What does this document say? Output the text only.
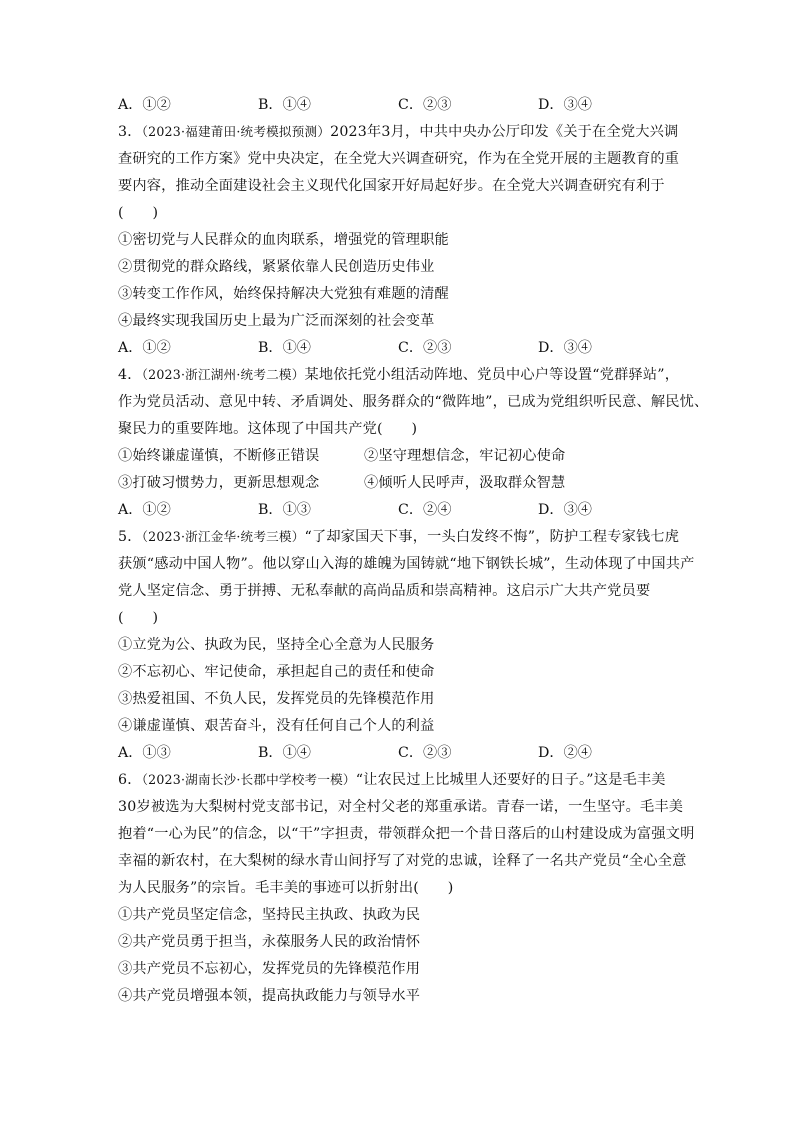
A．①②	B．①④	C．②③	D．③④
3．（2023·福建莆田·统考模拟预测）2023年3月，中共中央办公厅印发《关于在全党大兴调
查研究的工作方案》党中央决定，在全党大兴调查研究，作为在全党开展的主题教育的重
要内容，推动全面建设社会主义现代化国家开好局起好步。在全党大兴调查研究有利于
(　　)
①密切党与人民群众的血肉联系，增强党的管理职能
②贯彻党的群众路线，紧紧依靠人民创造历史伟业
③转变工作作风，始终保持解决大党独有难题的清醒
④最终实现我国历史上最为广泛而深刻的社会变革
A．①②	B．①④	C．②③	D．③④
4．（2023·浙江湖州·统考二模）某地依托党小组活动阵地、党员中心户等设置“党群驿站”，
作为党员活动、意见中转、矛盾调处、服务群众的“微阵地”，已成为党组织听民意、解民忧、
聚民力的重要阵地。这体现了中国共产党(　　)
①始终谦虚谨慎，不断修正错误	②坚守理想信念，牢记初心使命
③打破习惯势力，更新思想观念	④倾听人民呼声，汲取群众智慧
A．①②	B．①③	C．②④	D．③④
5．（2023·浙江金华·统考三模）“了却家国天下事，一头白发终不悔”，防护工程专家钱七虎
获颁“感动中国人物”。他以穿山入海的雄魄为国铸就“地下钢铁长城”，生动体现了中国共产
党人坚定信念、勇于拼搏、无私奉献的高尚品质和崇高精神。这启示广大共产党员要
(　　)
①立党为公、执政为民，坚持全心全意为人民服务
②不忘初心、牢记使命，承担起自己的责任和使命
③热爱祖国、不负人民，发挥党员的先锋模范作用
④谦虚谨慎、艰苦奋斗，没有任何自己个人的利益
A．①③	B．①④	C．②③	D．②④
6．（2023·湖南长沙·长郡中学校考一模）“让农民过上比城里人还要好的日子。”这是毛丰美
30岁被选为大梨树村党支部书记，对全村父老的郑重承诺。青春一诺，一生坚守。毛丰美
抱着“一心为民”的信念，以“干”字担责，带领群众把一个昔日落后的山村建设成为富强文明
幸福的新农村，在大梨树的绿水青山间抒写了对党的忠诚，诠释了一名共产党员“全心全意
为人民服务”的宗旨。毛丰美的事迹可以折射出(　　)
①共产党员坚定信念，坚持民主执政、执政为民
②共产党员勇于担当，永葆服务人民的政治情怀
③共产党员不忘初心，发挥党员的先锋模范作用
④共产党员增强本领，提高执政能力与领导水平
